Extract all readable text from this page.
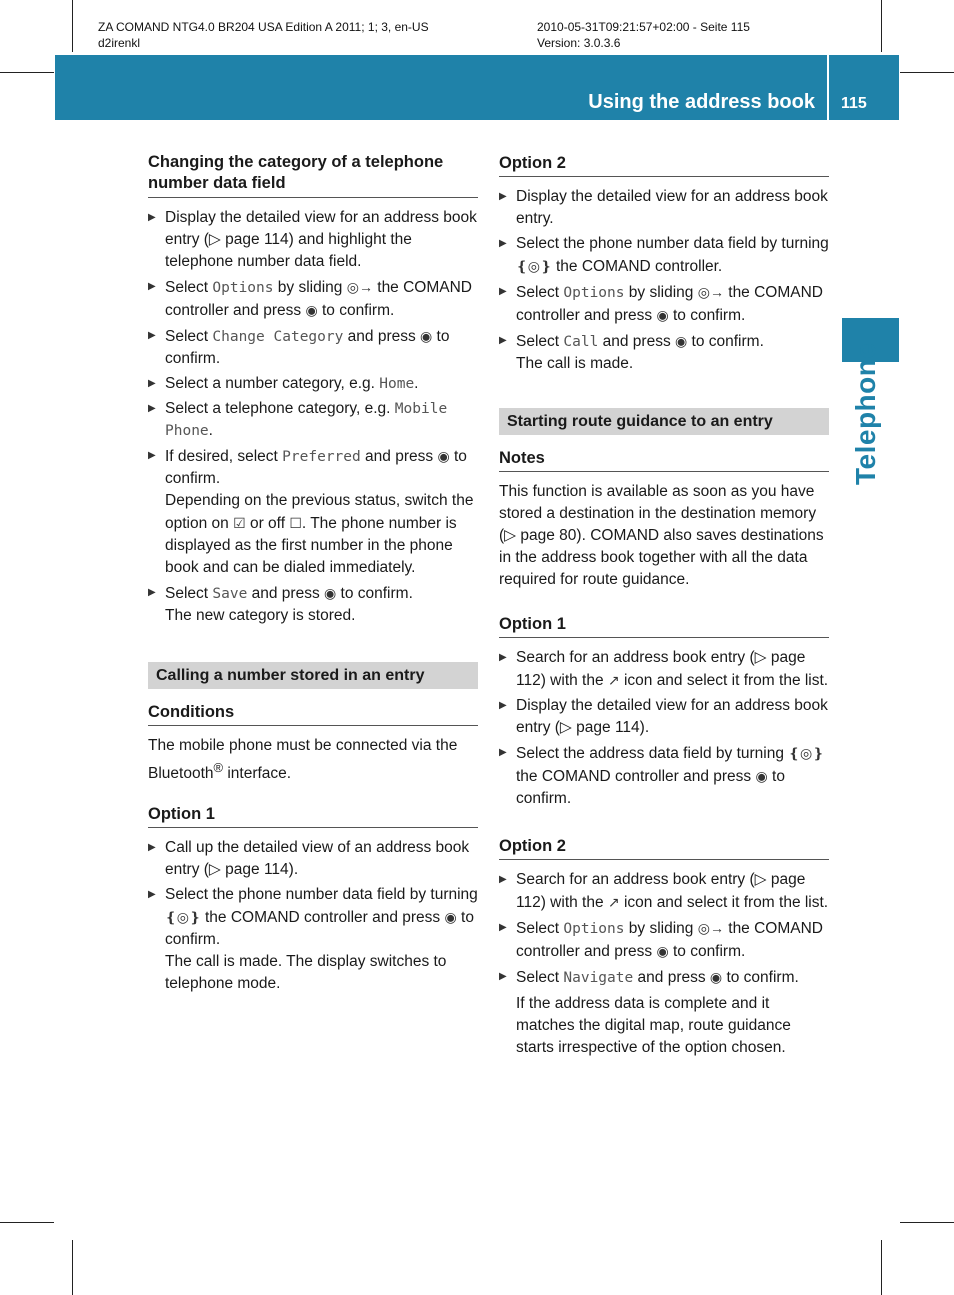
ZA COMAND NTG4.0 BR204 USA Edition A 2011; 1; 3, en-US
d2irenkl
2010-05-31T09:21:57+02:00 - Seite 115
Version: 3.0.3.6
Using the address book 115
Telephone
Changing the category of a telephone number data field
▶ Display the detailed view for an address book entry (▷ page 114) and highlight the telephone number data field.
▶ Select Options by sliding ◎→ the COMAND controller and press ◉ to confirm.
▶ Select Change Category and press ◉ to confirm.
▶ Select a number category, e.g. Home.
▶ Select a telephone category, e.g. Mobile Phone.
▶ If desired, select Preferred and press ◉ to confirm.
Depending on the previous status, switch the option on ☑ or off ☐. The phone number is displayed as the first number in the phone book and can be dialed immediately.
▶ Select Save and press ◉ to confirm.
The new category is stored.
Calling a number stored in an entry
Conditions

The mobile phone must be connected via the Bluetooth® interface.

Option 1
▶ Call up the detailed view of an address book entry (▷ page 114).
▶ Select the phone number data field by turning ❴◎❵ the COMAND controller and press ◉ to confirm.
The call is made. The display switches to telephone mode.
Option 2
▶ Display the detailed view for an address book entry.
▶ Select the phone number data field by turning ❴◎❵ the COMAND controller.
▶ Select Options by sliding ◎→ the COMAND controller and press ◉ to confirm.
▶ Select Call and press ◉ to confirm.
The call is made.
Starting route guidance to an entry
Notes

This function is available as soon as you have stored a destination in the destination memory (▷ page 80). COMAND also saves destinations in the address book together with all the data required for route guidance.

Option 1
▶ Search for an address book entry (▷ page 112) with the ↗ icon and select it from the list.
▶ Display the detailed view for an address book entry (▷ page 114).
▶ Select the address data field by turning ❴◎❵ the COMAND controller and press ◉ to confirm.
Option 2
▶ Search for an address book entry (▷ page 112) with the ↗ icon and select it from the list.
▶ Select Options by sliding ◎→ the COMAND controller and press ◉ to confirm.
▶ Select Navigate and press ◉ to confirm.
If the address data is complete and it matches the digital map, route guidance starts irrespective of the option chosen.
